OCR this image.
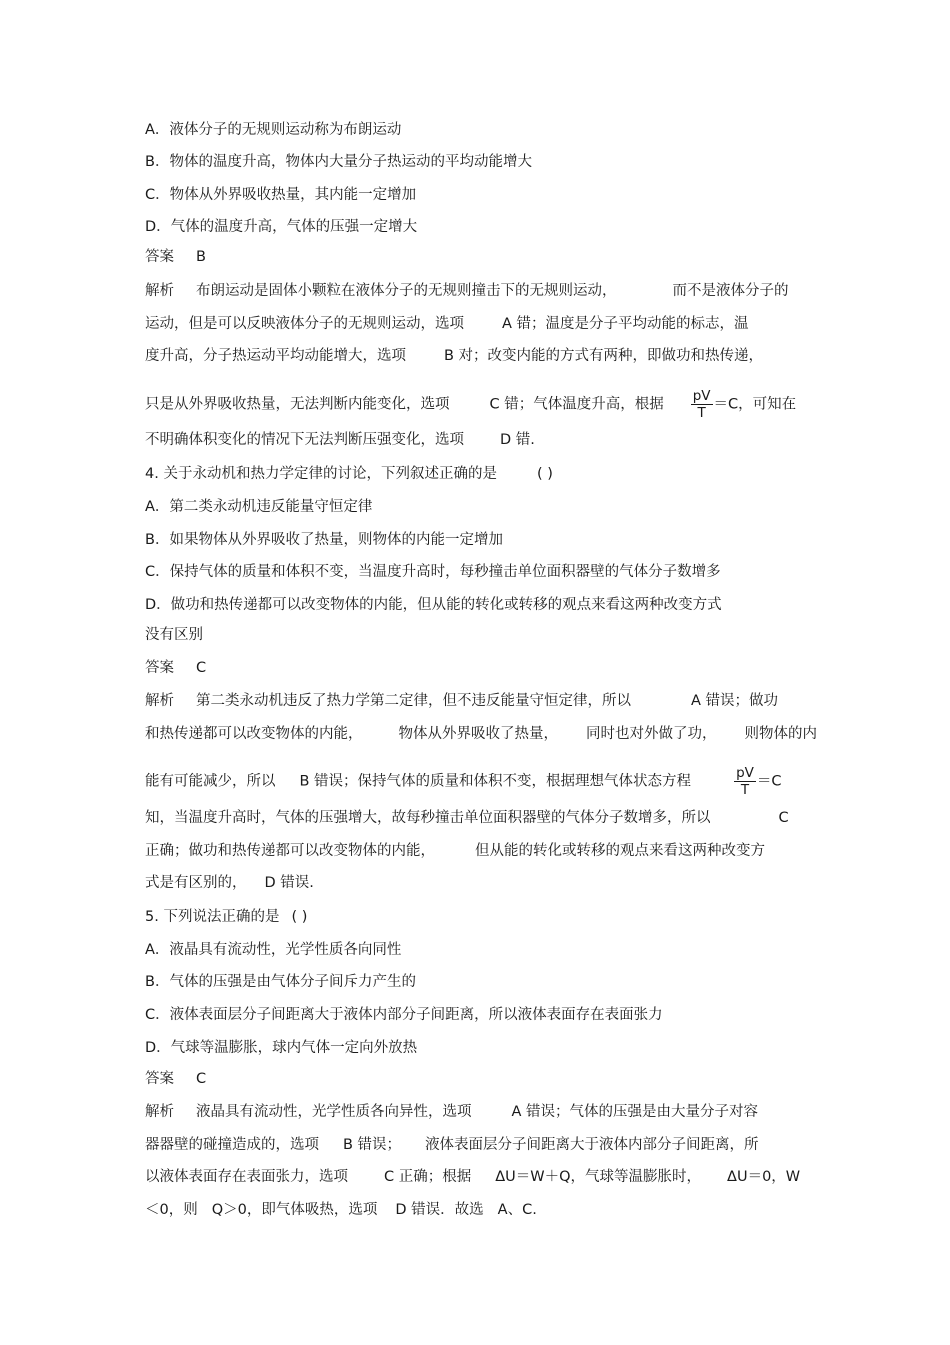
A．液体分子的无规则运动称为布朗运动
B．物体的温度升高，物体内大量分子热运动的平均动能增大
C．物体从外界吸收热量，其内能一定增加
D．气体的温度升高，气体的压强一定增大
答案 B
解析 布朗运动是固体小颗粒在液体分子的无规则撞击下的无规则运动，	而不是液体分子的
运动，但是可以反映液体分子的无规则运动，选项	A 错；温度是分子平均动能的标志，温
度升高，分子热运动平均动能增大，选项	B 对；改变内能的方式有两种，即做功和热传递，
只是从外界吸收热量，无法判断内能变化，选项	C 错；气体温度升高，根据 $\frac{pV}{T} =C$，可知在
不明确体积变化的情况下无法判断压强变化，选项 D 错.
4. 关于永动机和热力学定律的讨论，下列叙述正确的是	( )
A．第二类永动机违反能量守恒定律
B．如果物体从外界吸收了热量，则物体的内能一定增加
C．保持气体的质量和体积不变，当温度升高时，每秒撞击单位面积器壁的气体分子数增多
D．做功和热传递都可以改变物体的内能，但从能的转化或转移的观点来看这两种改变方式
没有区别
答案 C
解析 第二类永动机违反了热力学第二定律，但不违反能量守恒定律，所以	A 错误；做功
和热传递都可以改变物体的内能， 物体从外界吸收了热量， 同时也对外做了功， 则物体的内
能有可能减少，所以 B 错误；保持气体的质量和体积不变，根据理想气体状态方程	$\frac{pV}{T} =C$
知，当温度升高时，气体的压强增大，故每秒撞击单位面积器壁的气体分子数增多，所以	C
正确；做功和热传递都可以改变物体的内能，	但从能的转化或转移的观点来看这两种改变方
式是有区别的， D 错误.
5. 下列说法正确的是 ( )
A．液晶具有流动性，光学性质各向同性
B．气体的压强是由气体分子间斥力产生的
C．液体表面层分子间距离大于液体内部分子间距离，所以液体表面存在表面张力
D．气球等温膨胀，球内气体一定向外放热
答案 C
解析 液晶具有流动性，光学性质各向异性，选项	A 错误；气体的压强是由大量分子对容
器器壁的碰撞造成的，选项 B 错误； 液体表面层分子间距离大于液体内部分子间距离，所
以液体表面存在表面张力，选项 C 正确；根据 ΔU＝W＋Q，气球等温膨胀时， ΔU＝0，W
＜0，则 Q＞0，即气体吸热，选项 D 错误．故选 A、C.
